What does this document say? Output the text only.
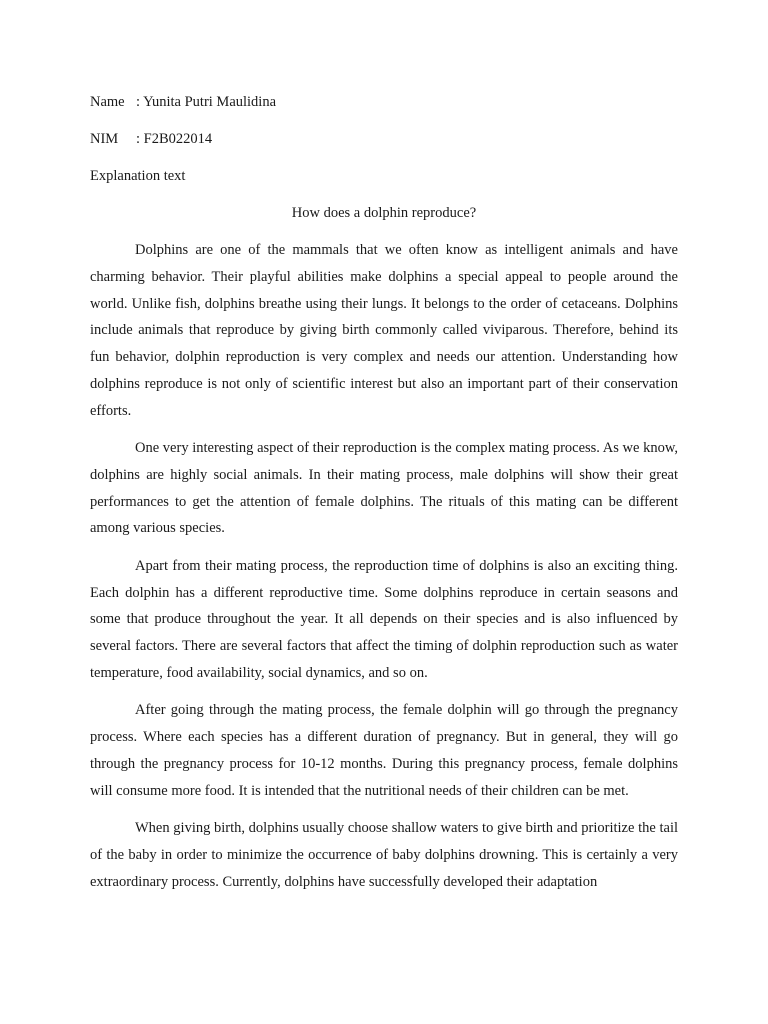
Name : Yunita Putri Maulidina
NIM : F2B022014
Explanation text
How does a dolphin reproduce?

Dolphins are one of the mammals that we often know as intelligent animals and have charming behavior. Their playful abilities make dolphins a special appeal to people around the world. Unlike fish, dolphins breathe using their lungs. It belongs to the order of cetaceans. Dolphins include animals that reproduce by giving birth commonly called viviparous. Therefore, behind its fun behavior, dolphin reproduction is very complex and needs our attention. Understanding how dolphins reproduce is not only of scientific interest but also an important part of their conservation efforts.

One very interesting aspect of their reproduction is the complex mating process. As we know, dolphins are highly social animals. In their mating process, male dolphins will show their great performances to get the attention of female dolphins. The rituals of this mating can be different among various species.

Apart from their mating process, the reproduction time of dolphins is also an exciting thing. Each dolphin has a different reproductive time. Some dolphins reproduce in certain seasons and some that produce throughout the year. It all depends on their species and is also influenced by several factors. There are several factors that affect the timing of dolphin reproduction such as water temperature, food availability, social dynamics, and so on.

After going through the mating process, the female dolphin will go through the pregnancy process. Where each species has a different duration of pregnancy. But in general, they will go through the pregnancy process for 10-12 months. During this pregnancy process, female dolphins will consume more food. It is intended that the nutritional needs of their children can be met.

When giving birth, dolphins usually choose shallow waters to give birth and prioritize the tail of the baby in order to minimize the occurrence of baby dolphins drowning. This is certainly a very extraordinary process. Currently, dolphins have successfully developed their adaptation
